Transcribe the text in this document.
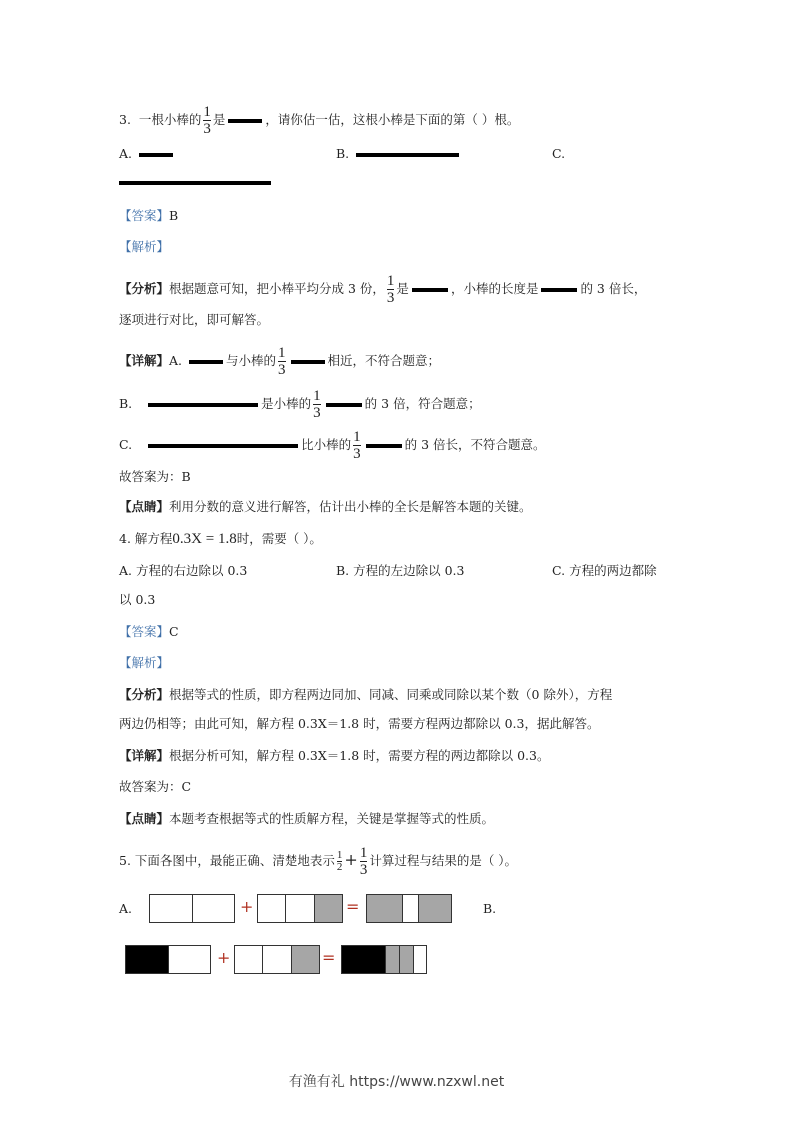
3. 一根小棒的 $\frac{1}{3}$ 是	，请你估一估，这根小棒是下面的第（ ）根。
A.	B.	C.
【答案】B
【解析】
【分析】根据题意可知，把小棒平均分成 3 份， $\frac{1}{3}$ 是	，小棒的长度是	的 3 倍长，
逐项进行对比，即可解答。
【详解】A.	与小棒的 $\frac{1}{3}$	相近，不符合题意；
B.	是小棒的 $\frac{1}{3}$	的 3 倍，符合题意；
C.	比小棒的 $\frac{1}{3}$	的 3 倍长，不符合题意。
故答案为：B
【点睛】利用分数的意义进行解答，估计出小棒的全长是解答本题的关键。
4. 解方程0.3X = 1.8时，需要（ ）。
A. 方程的右边除以 0.3	B. 方程的左边除以 0.3	C. 方程的两边都除
以 0.3
【答案】C
【解析】
【分析】根据等式的性质，即方程两边同加、同减、同乘或同除以某个数（0 除外），方程
两边仍相等；由此可知，解方程 0.3X＝1.8 时，需要方程两边都除以 0.3，据此解答。
【详解】根据分析可知，解方程 0.3X＝1.8 时，需要方程的两边都除以 0.3。
故答案为：C
【点睛】本题考查根据等式的性质解方程，关键是掌握等式的性质。
5. 下面各图中，最能正确、清楚地表示 $\frac{1}{2} + \frac{1}{3}$ 计算过程与结果的是（ ）。
A.	+	=	B.
+	=
有渔有礼 https://www.nzxwl.net
